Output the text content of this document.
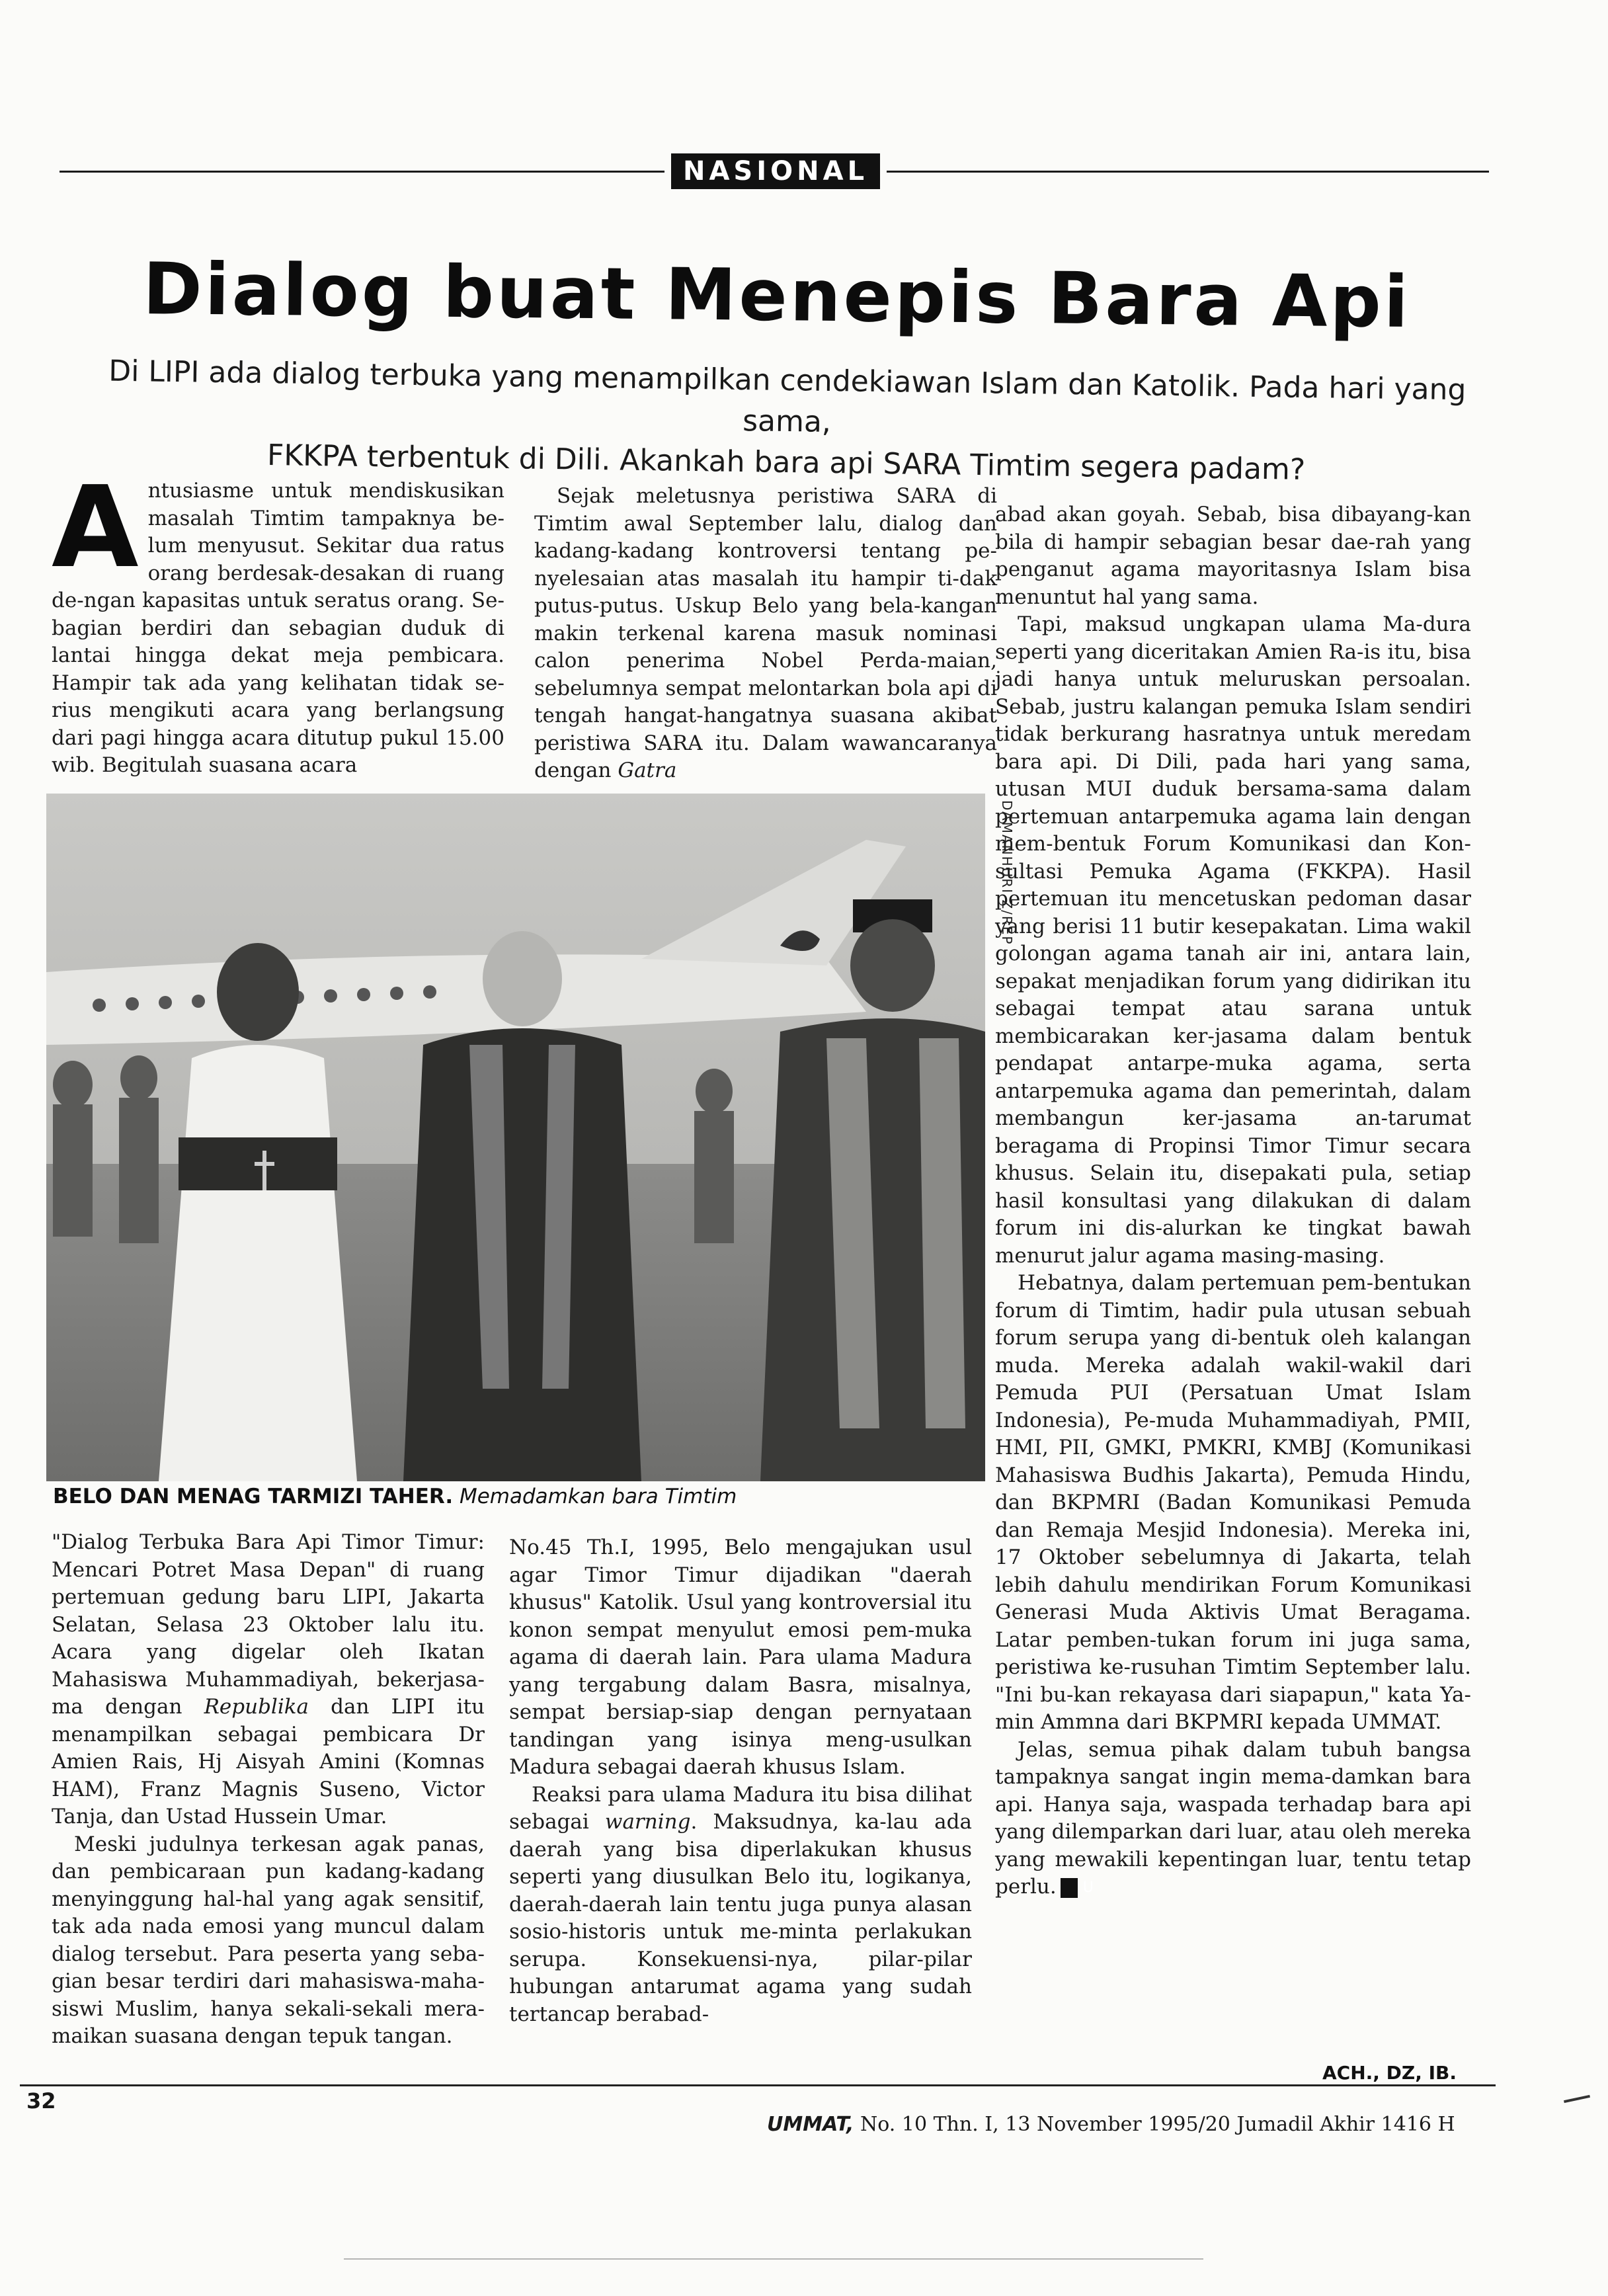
NASIONAL
Dialog buat Menepis Bara Api
Di LIPI ada dialog terbuka yang menampilkan cendekiawan Islam dan Katolik. Pada hari yang sama,
FKKPA terbentuk di Dili. Akankah bara api SARA Timtim segera padam?

Antusiasme untuk mendiskusikan masalah Timtim tampaknya be-lum menyusut. Sekitar dua ratus orang berdesak-desakan di ruang de-ngan kapasitas untuk seratus orang. Se-bagian berdiri dan sebagian duduk di lantai hingga dekat meja pembicara. Hampir tak ada yang kelihatan tidak se-rius mengikuti acara yang berlangsung dari pagi hingga acara ditutup pukul 15.00 wib. Begitulah suasana acara

Sejak meletusnya peristiwa SARA di Timtim awal September lalu, dialog dan kadang-kadang kontroversi tentang pe-nyelesaian atas masalah itu hampir ti-dak putus-putus. Uskup Belo yang bela-kangan makin terkenal karena masuk nominasi calon penerima Nobel Perda-maian, sebelumnya sempat melontarkan bola api di tengah hangat-hangatnya suasana akibat peristiwa SARA itu. Dalam wawancaranya dengan Gatra

abad akan goyah. Sebab, bisa dibayang-kan bila di hampir sebagian besar dae-rah yang penganut agama mayoritasnya Islam bisa menuntut hal yang sama.

Tapi, maksud ungkapan ulama Ma-dura seperti yang diceritakan Amien Ra-is itu, bisa jadi hanya untuk meluruskan persoalan. Sebab, justru kalangan pemuka Islam sendiri tidak berkurang hasratnya untuk meredam bara api. Di Dili, pada hari yang sama, utusan MUI duduk bersama-sama dalam pertemuan antarpemuka agama lain dengan mem-bentuk Forum Komunikasi dan Kon-sultasi Pemuka Agama (FKKPA). Hasil pertemuan itu mencetuskan pedoman dasar yang berisi 11 butir kesepakatan. Lima wakil golongan agama tanah air ini, antara lain, sepakat menjadikan forum yang didirikan itu sebagai tempat atau sarana untuk membicarakan ker-jasama dalam bentuk pendapat antarpe-muka agama, serta antarpemuka agama dan pemerintah, dalam membangun ker-jasama an-tarumat beragama di Propinsi Timor Timur secara khusus. Selain itu, disepakati pula, setiap hasil konsultasi yang dilakukan di dalam forum ini dis-alurkan ke tingkat bawah menurut jalur agama masing-masing.

Hebatnya, dalam pertemuan pem-bentukan forum di Timtim, hadir pula utusan sebuah forum serupa yang di-bentuk oleh kalangan muda. Mereka adalah wakil-wakil dari Pemuda PUI (Persatuan Umat Islam Indonesia), Pe-muda Muhammadiyah, PMII, HMI, PII, GMKI, PMKRI, KMBJ (Komunikasi Mahasiswa Budhis Jakarta), Pemuda Hindu, dan BKPMRI (Badan Komunikasi Pemuda dan Remaja Mesjid Indonesia). Mereka ini, 17 Oktober sebelumnya di Jakarta, telah lebih dahulu mendirikan Forum Komunikasi Generasi Muda Aktivis Umat Beragama. Latar pemben-tukan forum ini juga sama, peristiwa ke-rusuhan Timtim September lalu. "Ini bu-kan rekayasa dari siapapun," kata Ya-min Ammna dari BKPMRI kepada UMMAT.

Jelas, semua pihak dalam tubuh bangsa tampaknya sangat ingin mema-damkan bara api. Hanya saja, waspada terhadap bara api yang dilemparkan dari luar, atau oleh mereka yang mewakili kepentingan luar, tentu tetap perlu. U

DAMANHURI Z/REP
BELO DAN MENAG TARMIZI TAHER. Memadamkan bara Timtim

"Dialog Terbuka Bara Api Timor Timur: Mencari Potret Masa Depan" di ruang pertemuan gedung baru LIPI, Jakarta Selatan, Selasa 23 Oktober lalu itu. Acara yang digelar oleh Ikatan Mahasiswa Muhammadiyah, bekerjasa-ma dengan Republika dan LIPI itu menampilkan sebagai pembicara Dr Amien Rais, Hj Aisyah Amini (Komnas HAM), Franz Magnis Suseno, Victor Tanja, dan Ustad Hussein Umar.

Meski judulnya terkesan agak panas, dan pembicaraan pun kadang-kadang menyinggung hal-hal yang agak sensitif, tak ada nada emosi yang muncul dalam dialog tersebut. Para peserta yang seba-gian besar terdiri dari mahasiswa-maha-siswi Muslim, hanya sekali-sekali mera-maikan suasana dengan tepuk tangan.

No.45 Th.I, 1995, Belo mengajukan usul agar Timor Timur dijadikan "daerah khusus" Katolik. Usul yang kontroversial itu konon sempat menyulut emosi pem-muka agama di daerah lain. Para ulama Madura yang tergabung dalam Basra, misalnya, sempat bersiap-siap dengan pernyataan tandingan yang isinya meng-usulkan Madura sebagai daerah khusus Islam.

Reaksi para ulama Madura itu bisa dilihat sebagai warning. Maksudnya, ka-lau ada daerah yang bisa diperlakukan khusus seperti yang diusulkan Belo itu, logikanya, daerah-daerah lain tentu juga punya alasan sosio-historis untuk me-minta perlakukan serupa. Konsekuensi-nya, pilar-pilar hubungan antarumat agama yang sudah tertancap berabad-

ACH., DZ, IB.
32
UMMAT, No. 10 Thn. I, 13 November 1995/20 Jumadil Akhir 1416 H
